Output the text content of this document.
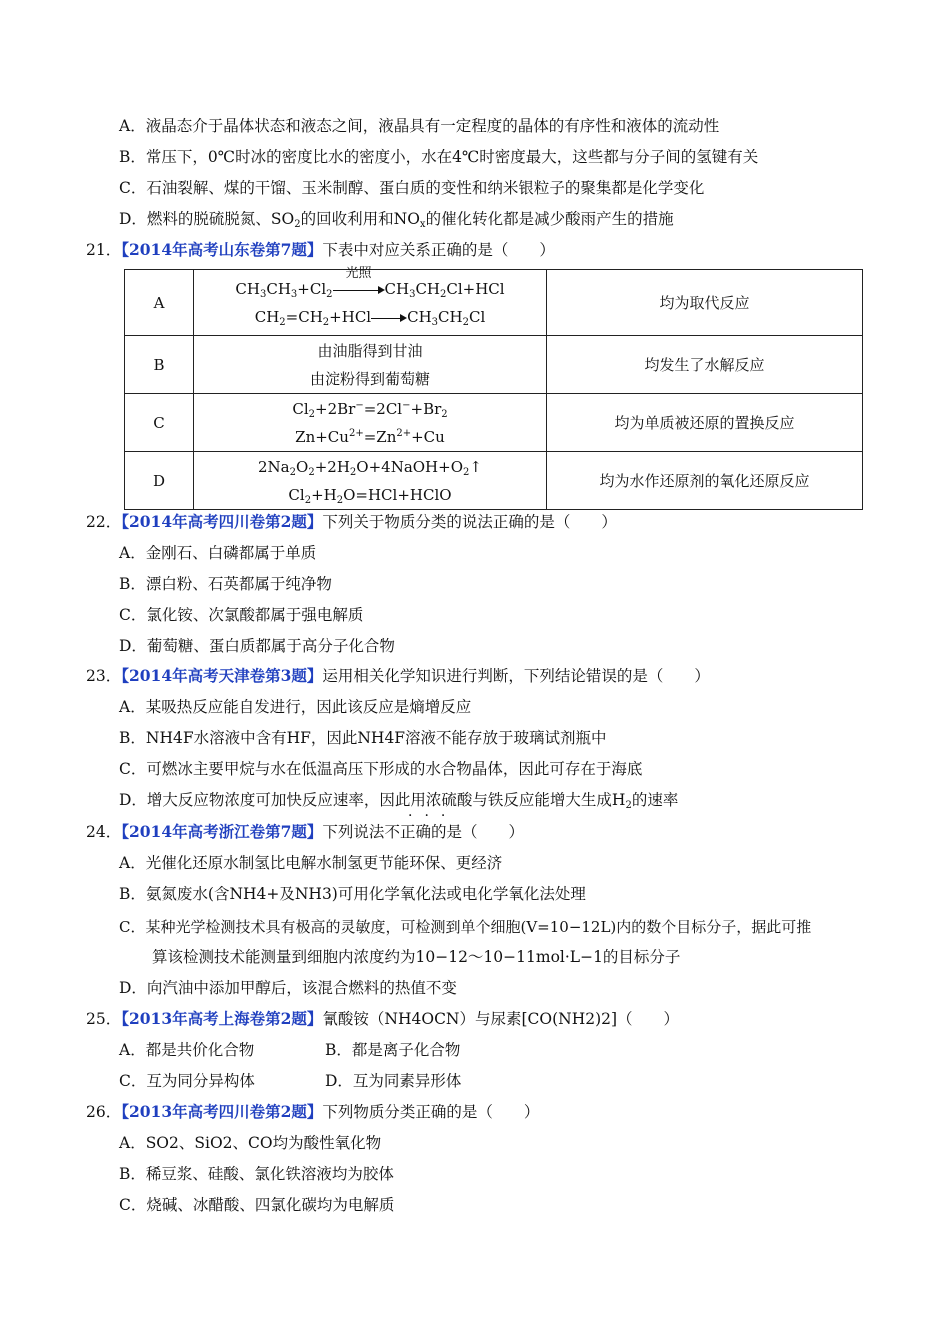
A．液晶态介于晶体状态和液态之间，液晶具有一定程度的晶体的有序性和液体的流动性
B．常压下，0℃时冰的密度比水的密度小，水在4℃时密度最大，这些都与分子间的氢键有关
C．石油裂解、煤的干馏、玉米制醇、蛋白质的变性和纳米银粒子的聚集都是化学变化
D．燃料的脱硫脱氮、$SO_2$的回收利用和$NO_x$的催化转化都是减少酸雨产生的措施
21．【2014年高考山东卷第7题】下表中对应关系正确的是（　　）
A	$CH_3CH_3+Cl_2$
光照
$CH_3CH_2Cl+HCl$
$CH_2=CH_2+HCl$ $CH_3CH_2Cl$	均为取代反应
B	由油脂得到甘油
由淀粉得到葡萄糖	均发生了水解反应
C	$Cl_2+2Br^-=2Cl^-+Br_2$
$Zn+Cu^{2+}=Zn^{2+}+Cu$	均为单质被还原的置换反应
D	$2Na_2O_2+2H_2O+4NaOH+O_2↑$
$Cl_2+H_2O=HCl+HClO$	均为水作还原剂的氧化还原反应
22．【2014年高考四川卷第2题】下列关于物质分类的说法正确的是（　　）
A．金刚石、白磷都属于单质
B．漂白粉、石英都属于纯净物
C．氯化铵、次氯酸都属于强电解质
D．葡萄糖、蛋白质都属于高分子化合物
23．【2014年高考天津卷第3题】运用相关化学知识进行判断，下列结论错误的是（　　）
A．某吸热反应能自发进行，因此该反应是熵增反应
B．NH4F水溶液中含有HF，因此NH4F溶液不能存放于玻璃试剂瓶中
C．可燃冰主要甲烷与水在低温高压下形成的水合物晶体，因此可存在于海底
D．增大反应物浓度可加快反应速率，因此用浓硫酸与铁反应能增大生成$H_2$的速率
···
24．【2014年高考浙江卷第7题】下列说法不正确的是（　　）
A．光催化还原水制氢比电解水制氢更节能环保、更经济
B．氨氮废水(含NH4+及NH3)可用化学氧化法或电化学氧化法处理
C．某种光学检测技术具有极高的灵敏度，可检测到单个细胞(V=10−12L)内的数个目标分子，据此可推
算该检测技术能测量到细胞内浓度约为10−12～10−11mol·L−1的目标分子
D．向汽油中添加甲醇后，该混合燃料的热值不变
25．【2013年高考上海卷第2题】氰酸铵（NH4OCN）与尿素[CO(NH2)2]（　　）
A．都是共价化合物	B．都是离子化合物
C．互为同分异构体	D．互为同素异形体
26．【2013年高考四川卷第2题】下列物质分类正确的是（　　）
A．SO2、SiO2、CO均为酸性氧化物
B．稀豆浆、硅酸、氯化铁溶液均为胶体
C．烧碱、冰醋酸、四氯化碳均为电解质
